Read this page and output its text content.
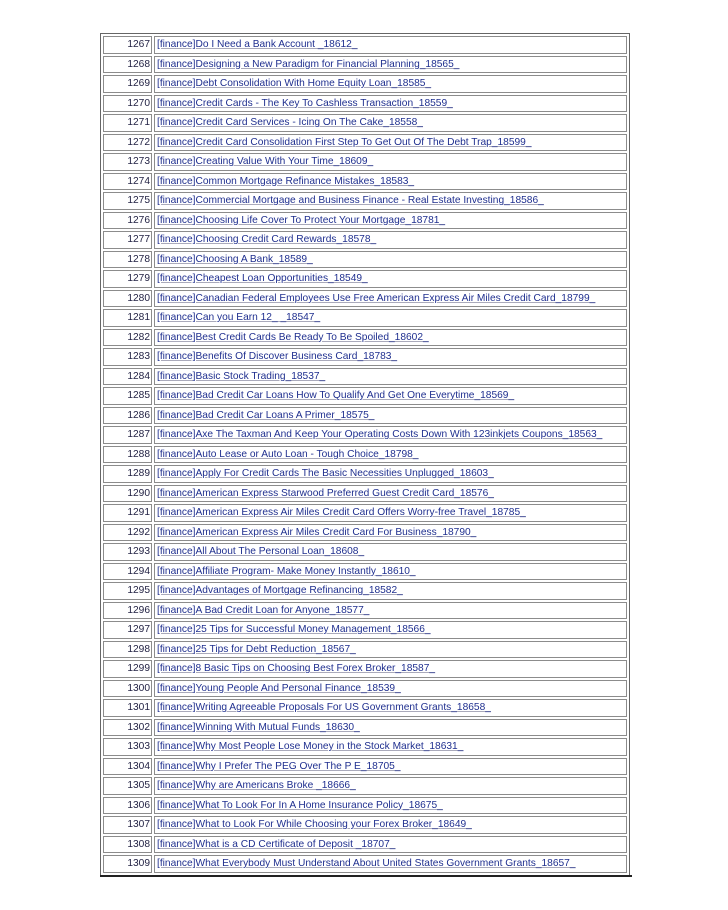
1267	[finance]Do I Need a Bank Account _18612_
1268	[finance]Designing a New Paradigm for Financial Planning_18565_
1269	[finance]Debt Consolidation With Home Equity Loan_18585_
1270	[finance]Credit Cards - The Key To Cashless Transaction_18559_
1271	[finance]Credit Card Services - Icing On The Cake_18558_
1272	[finance]Credit Card Consolidation First Step To Get Out Of The Debt Trap_18599_
1273	[finance]Creating Value With Your Time_18609_
1274	[finance]Common Mortgage Refinance Mistakes_18583_
1275	[finance]Commercial Mortgage and Business Finance - Real Estate Investing_18586_
1276	[finance]Choosing Life Cover To Protect Your Mortgage_18781_
1277	[finance]Choosing Credit Card Rewards_18578_
1278	[finance]Choosing A Bank_18589_
1279	[finance]Cheapest Loan Opportunities_18549_
1280	[finance]Canadian Federal Employees Use Free American Express Air Miles Credit Card_18799_
1281	[finance]Can you Earn 12_ _18547_
1282	[finance]Best Credit Cards Be Ready To Be Spoiled_18602_
1283	[finance]Benefits Of Discover Business Card_18783_
1284	[finance]Basic Stock Trading_18537_
1285	[finance]Bad Credit Car Loans How To Qualify And Get One Everytime_18569_
1286	[finance]Bad Credit Car Loans A Primer_18575_
1287	[finance]Axe The Taxman And Keep Your Operating Costs Down With 123inkjets Coupons_18563_
1288	[finance]Auto Lease or Auto Loan - Tough Choice_18798_
1289	[finance]Apply For Credit Cards The Basic Necessities Unplugged_18603_
1290	[finance]American Express Starwood Preferred Guest Credit Card_18576_
1291	[finance]American Express Air Miles Credit Card Offers Worry-free Travel_18785_
1292	[finance]American Express Air Miles Credit Card For Business_18790_
1293	[finance]All About The Personal Loan_18608_
1294	[finance]Affiliate Program- Make Money Instantly_18610_
1295	[finance]Advantages of Mortgage Refinancing_18582_
1296	[finance]A Bad Credit Loan for Anyone_18577_
1297	[finance]25 Tips for Successful Money Management_18566_
1298	[finance]25 Tips for Debt Reduction_18567_
1299	[finance]8 Basic Tips on Choosing Best Forex Broker_18587_
1300	[finance]Young People And Personal Finance_18539_
1301	[finance]Writing Agreeable Proposals For US Government Grants_18658_
1302	[finance]Winning With Mutual Funds_18630_
1303	[finance]Why Most People Lose Money in the Stock Market_18631_
1304	[finance]Why I Prefer The PEG Over The P E_18705_
1305	[finance]Why are Americans Broke _18666_
1306	[finance]What To Look For In A Home Insurance Policy_18675_
1307	[finance]What to Look For While Choosing your Forex Broker_18649_
1308	[finance]What is a CD Certificate of Deposit _18707_
1309	[finance]What Everybody Must Understand About United States Government Grants_18657_
